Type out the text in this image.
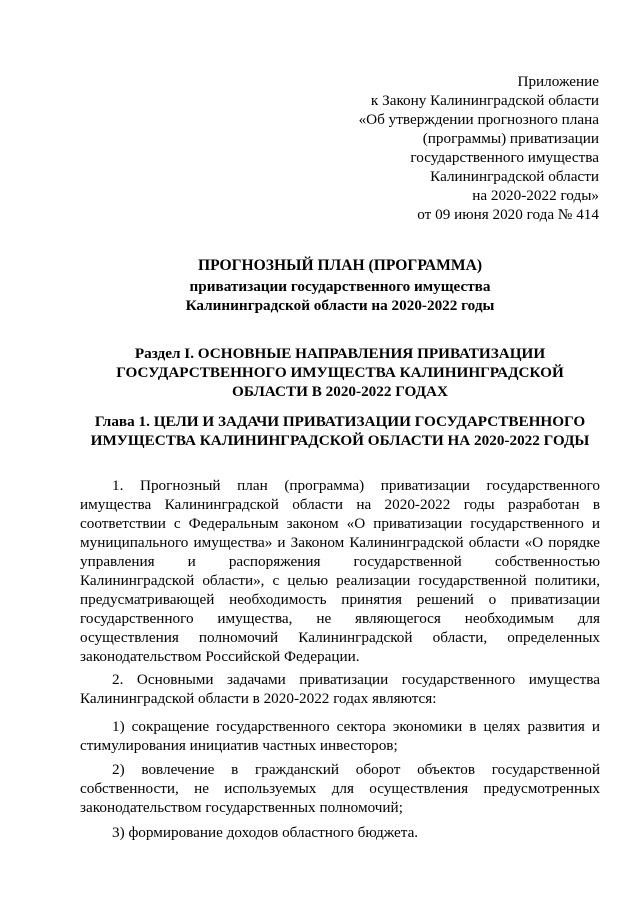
Приложение
к Закону Калининградской области
«Об утверждении прогнозного плана
(программы) приватизации
государственного имущества
Калининградской области
на 2020-2022 годы»
от 09 июня 2020 года № 414
ПРОГНОЗНЫЙ ПЛАН (ПРОГРАММА)
приватизации государственного имущества
Калининградской области на 2020-2022 годы
Раздел I. ОСНОВНЫЕ НАПРАВЛЕНИЯ ПРИВАТИЗАЦИИ
ГОСУДАРСТВЕННОГО ИМУЩЕСТВА КАЛИНИНГРАДСКОЙ
ОБЛАСТИ В 2020-2022 ГОДАХ
Глава 1. ЦЕЛИ И ЗАДАЧИ ПРИВАТИЗАЦИИ ГОСУДАРСТВЕННОГО
ИМУЩЕСТВА КАЛИНИНГРАДСКОЙ ОБЛАСТИ НА 2020-2022 ГОДЫ

1. Прогнозный план (программа) приватизации государственного имущества Калининградской области на 2020-2022 годы разработан в соответствии с Федеральным законом «О приватизации государственного и муниципального имущества» и Законом Калининградской области «О порядке управления и распоряжения государственной собственностью Калининградской области», с целью реализации государственной политики, предусматривающей необходимость принятия решений о приватизации государственного имущества, не являющегося необходимым для осуществления полномочий Калининградской области, определенных законодательством Российской Федерации.

2. Основными задачами приватизации государственного имущества Калининградской области в 2020-2022 годах являются:

1) сокращение государственного сектора экономики в целях развития и стимулирования инициатив частных инвесторов;

2) вовлечение в гражданский оборот объектов государственной собственности, не используемых для осуществления предусмотренных законодательством государственных полномочий;

3) формирование доходов областного бюджета.
